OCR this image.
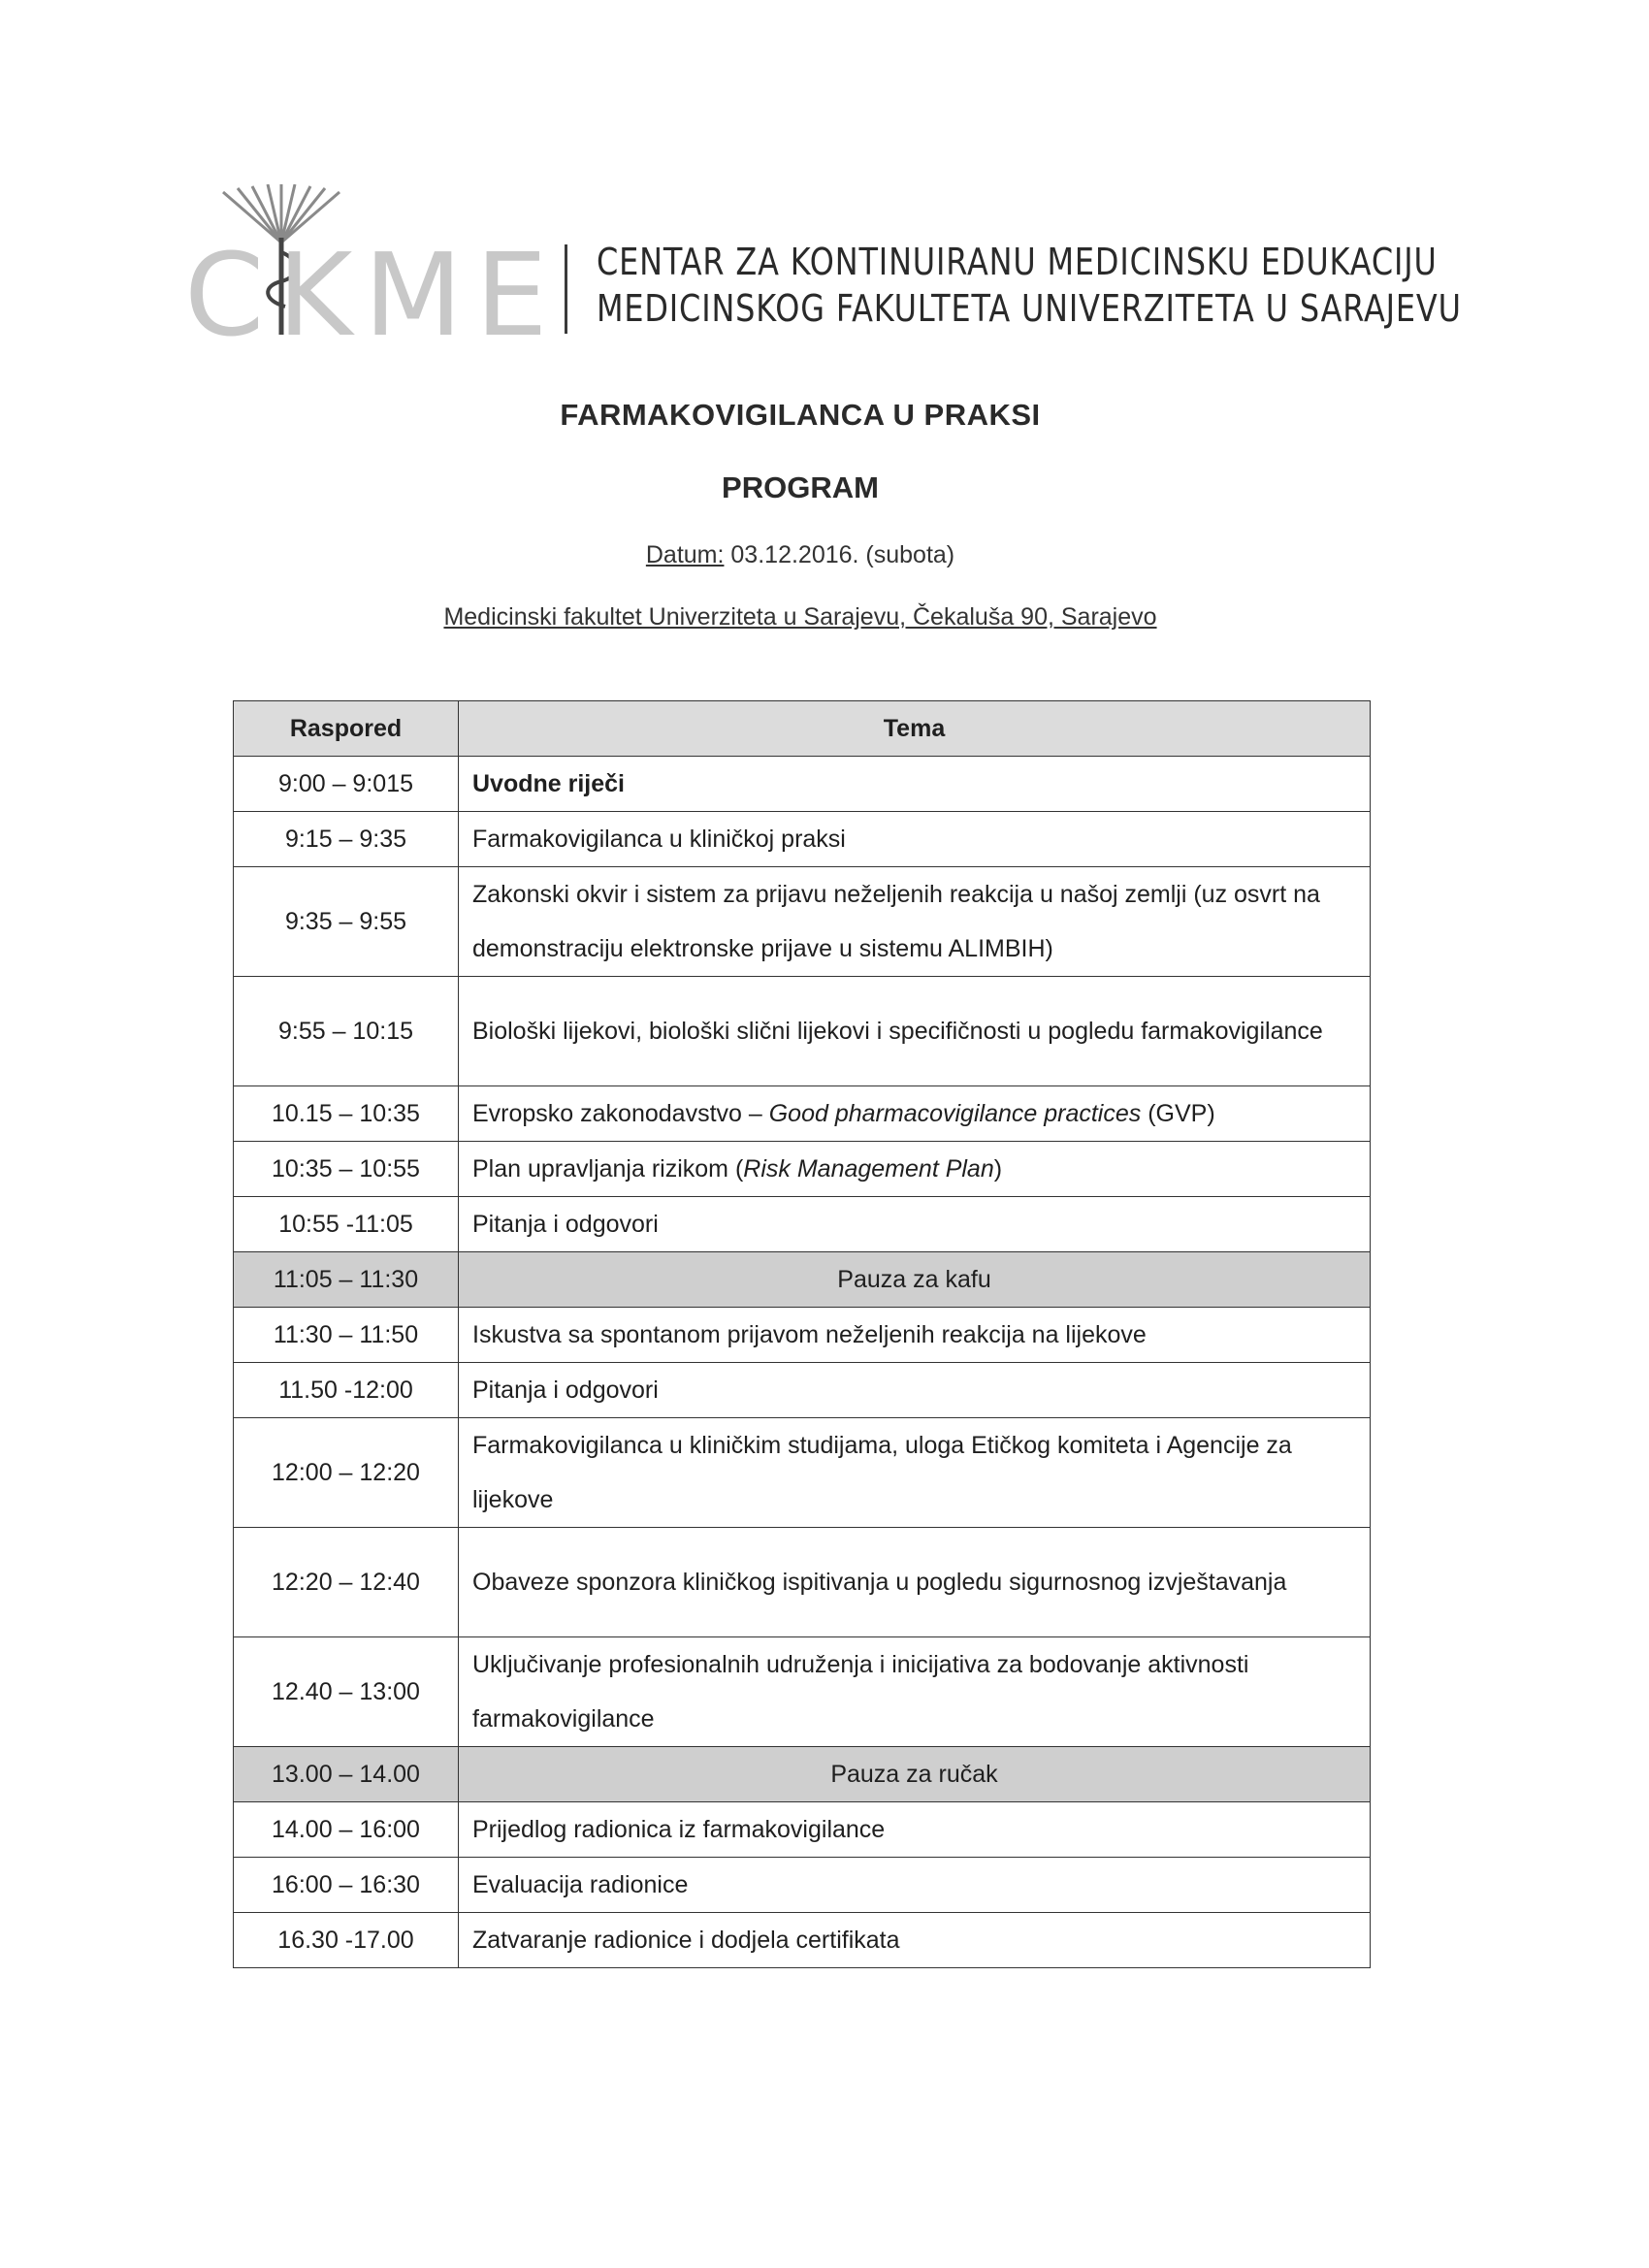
C K M E CENTAR ZA KONTINUIRANU MEDICINSKU EDUKACIJU
MEDICINSKOG FAKULTETA UNIVERZITETA U SARAJEVU
FARMAKOVIGILANCA U PRAKSI
PROGRAM
Datum: 03.12.2016. (subota)
Medicinski fakultet Univerziteta u Sarajevu, Čekaluša 90, Sarajevo
Raspored	Tema
9:00 – 9:015	Uvodne riječi
9:15 – 9:35	Farmakovigilanca u kliničkoj praksi
9:35 – 9:55	Zakonski okvir i sistem za prijavu neželjenih reakcija u našoj zemlji (uz osvrt na demonstraciju elektronske prijave u sistemu ALIMBIH)
9:55 – 10:15	Biološki lijekovi, biološki slični lijekovi i specifičnosti u pogledu farmakovigilance
10.15 – 10:35	Evropsko zakonodavstvo – Good pharmacovigilance practices (GVP)
10:35 – 10:55	Plan upravljanja rizikom (Risk Management Plan)
10:55 -11:05	Pitanja i odgovori
11:05 – 11:30	Pauza za kafu
11:30 – 11:50	Iskustva sa spontanom prijavom neželjenih reakcija na lijekove
11.50 -12:00	Pitanja i odgovori
12:00 – 12:20	Farmakovigilanca u kliničkim studijama, uloga Etičkog komiteta i Agencije za lijekove
12:20 – 12:40	Obaveze sponzora kliničkog ispitivanja u pogledu sigurnosnog izvještavanja
12.40 – 13:00	Uključivanje profesionalnih udruženja i inicijativa za bodovanje aktivnosti farmakovigilance
13.00 – 14.00	Pauza za ručak
14.00 – 16:00	Prijedlog radionica iz farmakovigilance
16:00 – 16:30	Evaluacija radionice
16.30 -17.00	Zatvaranje radionice i dodjela certifikata
